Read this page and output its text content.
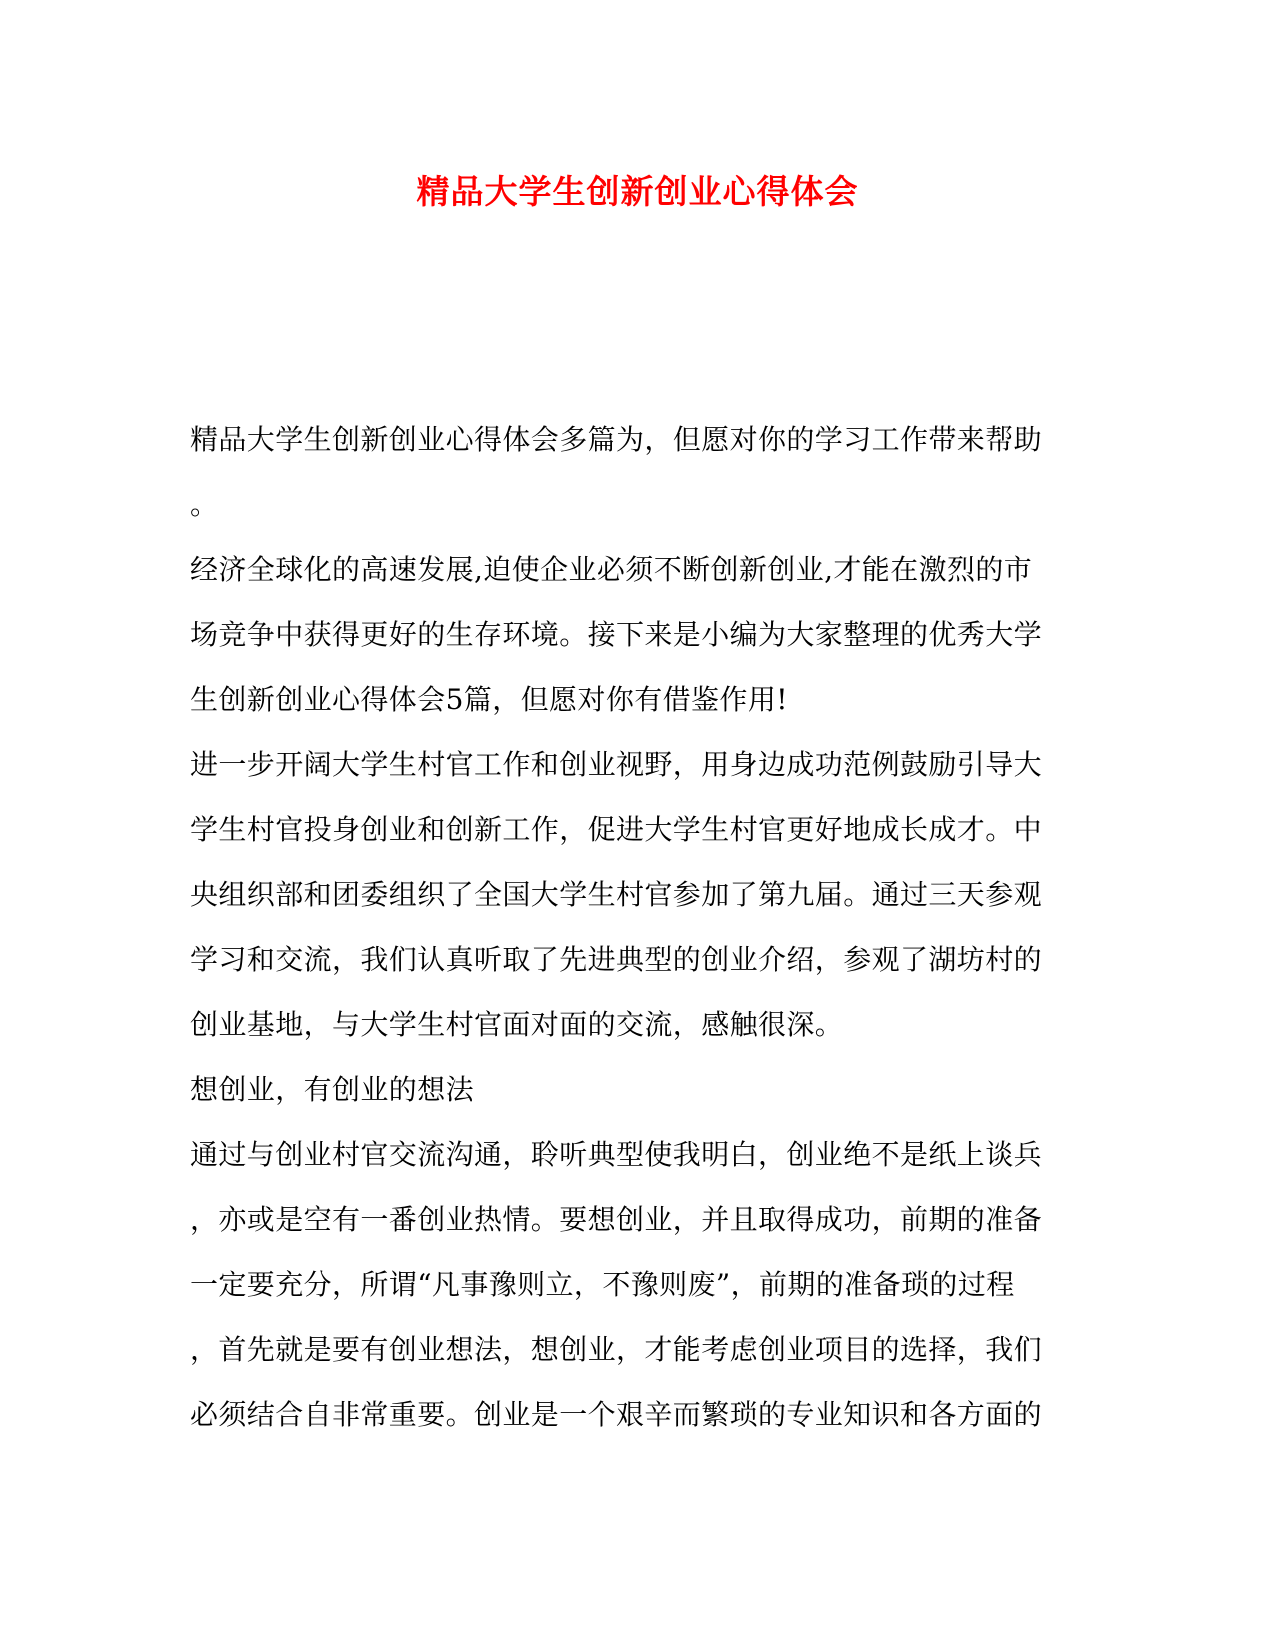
精品大学生创新创业心得体会
精品大学生创新创业心得体会多篇为，但愿对你的学习工作带来帮助
。
经济全球化的高速发展,迫使企业必须不断创新创业,才能在激烈的市
场竞争中获得更好的生存环境。接下来是小编为大家整理的优秀大学
生创新创业心得体会5篇，但愿对你有借鉴作用!
进一步开阔大学生村官工作和创业视野，用身边成功范例鼓励引导大
学生村官投身创业和创新工作，促进大学生村官更好地成长成才。中
央组织部和团委组织了全国大学生村官参加了第九届。通过三天参观
学习和交流，我们认真听取了先进典型的创业介绍，参观了湖坊村的
创业基地，与大学生村官面对面的交流，感触很深。
想创业，有创业的想法
通过与创业村官交流沟通，聆听典型使我明白，创业绝不是纸上谈兵
，亦或是空有一番创业热情。要想创业，并且取得成功，前期的准备
一定要充分，所谓“凡事豫则立，不豫则废”，前期的准备琐的过程
，首先就是要有创业想法，想创业，才能考虑创业项目的选择，我们
必须结合自非常重要。创业是一个艰辛而繁琐的专业知识和各方面的
